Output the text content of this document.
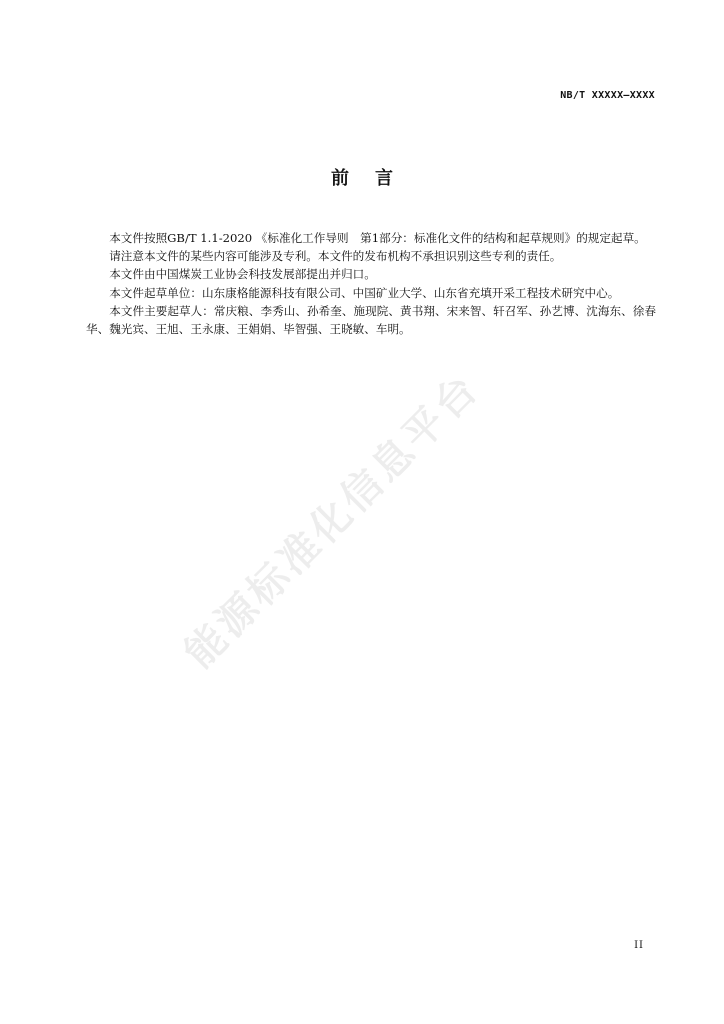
NB/T XXXXX—XXXX
前言

本文件按照GB/T 1.1-2020 《标准化工作导则　第1部分：标准化文件的结构和起草规则》的规定起草。

请注意本文件的某些内容可能涉及专利。本文件的发布机构不承担识别这些专利的责任。

本文件由中国煤炭工业协会科技发展部提出并归口。

本文件起草单位：山东康格能源科技有限公司、中国矿业大学、山东省充填开采工程技术研究中心。

本文件主要起草人：常庆粮、李秀山、孙希奎、施现院、黄书翔、宋来智、轩召军、孙艺博、沈海东、徐春华、魏光宾、王旭、王永康、王娟娟、毕智强、王晓敏、车明。

能源标准化信息平台
II
